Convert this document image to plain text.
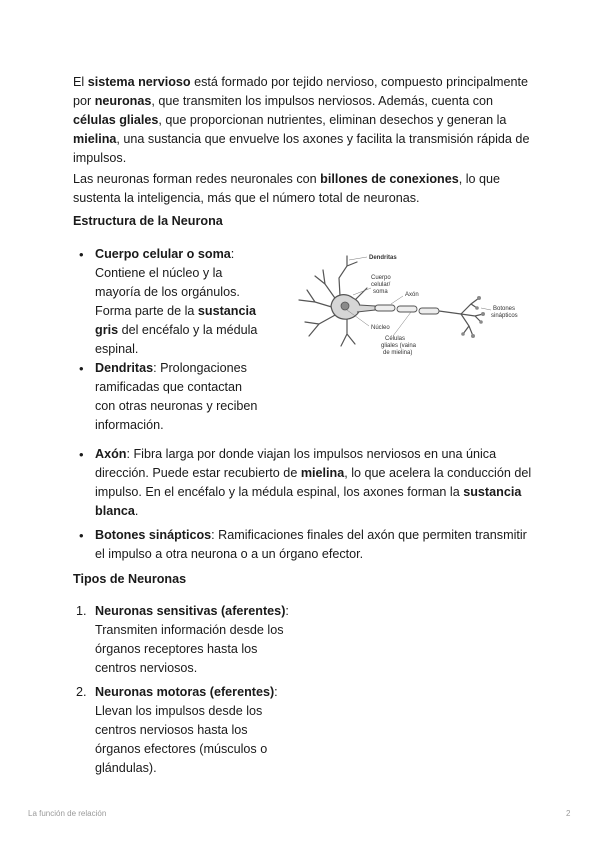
El sistema nervioso está formado por tejido nervioso, compuesto principalmente por neuronas, que transmiten los impulsos nerviosos. Además, cuenta con células gliales, que proporcionan nutrientes, eliminan desechos y generan la mielina, una sustancia que envuelve los axones y facilita la transmisión rápida de impulsos.

Las neuronas forman redes neuronales con billones de conexiones, lo que sustenta la inteligencia, más que el número total de neuronas.

Estructura de la Neurona

• Cuerpo celular o soma: Contiene el núcleo y la mayoría de los orgánulos. Forma parte de la sustancia gris del encéfalo y la médula espinal.

• Dendritas: Prolongaciones ramificadas que contactan con otras neuronas y reciben información.

Dendritas
Cuerpo
celular/
soma	Axón
Núcleo
Células
gliales (vaina
de mielina)
Botones
sinápticos
• Axón: Fibra larga por donde viajan los impulsos nerviosos en una única dirección. Puede estar recubierto de mielina, lo que acelera la conducción del impulso. En el encéfalo y la médula espinal, los axones forman la sustancia blanca.

• Botones sinápticos: Ramificaciones finales del axón que permiten transmitir el impulso a otra neurona o a un órgano efector.

Tipos de Neuronas

1. Neuronas sensitivas (aferentes): Transmiten información desde los órganos receptores hasta los centros nerviosos.

2. Neuronas motoras (eferentes): Llevan los impulsos desde los centros nerviosos hasta los órganos efectores (músculos o glándulas).

La función de relación	2
